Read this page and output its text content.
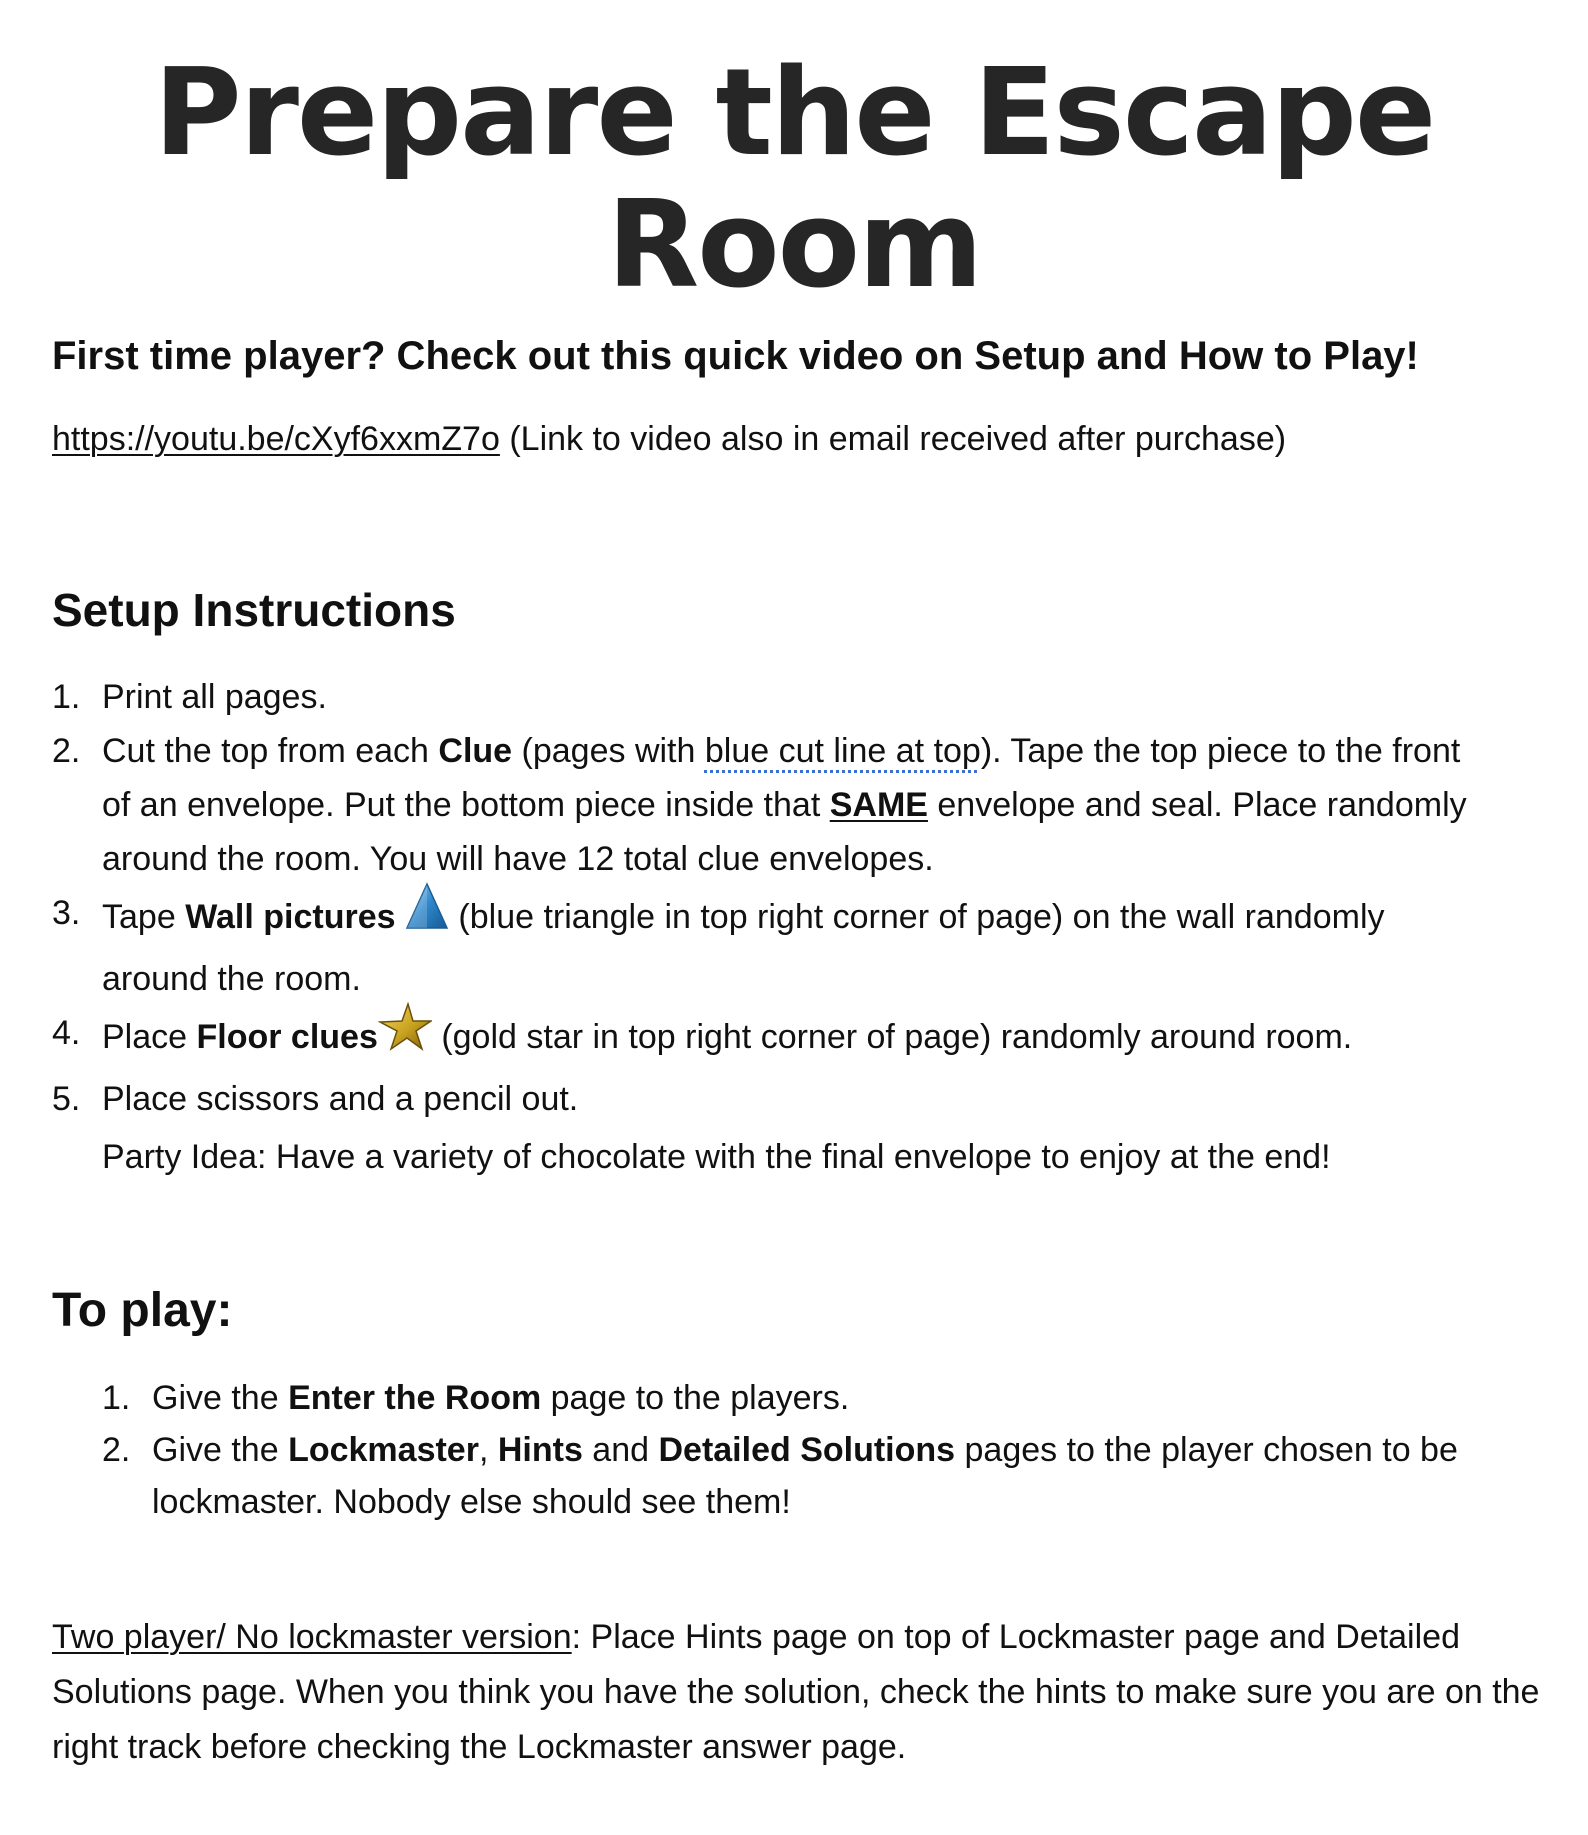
Prepare the Escape Room
First time player? Check out this quick video on Setup and How to Play!

https://youtu.be/cXyf6xxmZ7o (Link to video also in email received after purchase)

Setup Instructions
1. Print all pages.
2. Cut the top from each Clue (pages with blue cut line at top). Tape the top piece to the front
of an envelope. Put the bottom piece inside that SAME envelope and seal. Place randomly
around the room. You will have 12 total clue envelopes.
3. Tape Wall pictures  (blue triangle in top right corner of page) on the wall randomly
around the room.
4. Place Floor clues (gold star in top right corner of page) randomly around room.
5. Place scissors and a pencil out.

Party Idea: Have a variety of chocolate with the final envelope to enjoy at the end!

To play:
1. Give the Enter the Room page to the players.
2. Give the Lockmaster, Hints and Detailed Solutions pages to the player chosen to be
lockmaster. Nobody else should see them!

Two player/ No lockmaster version: Place Hints page on top of Lockmaster page and Detailed Solutions page. When you think you have the solution, check the hints to make sure you are on the right track before checking the Lockmaster answer page.
